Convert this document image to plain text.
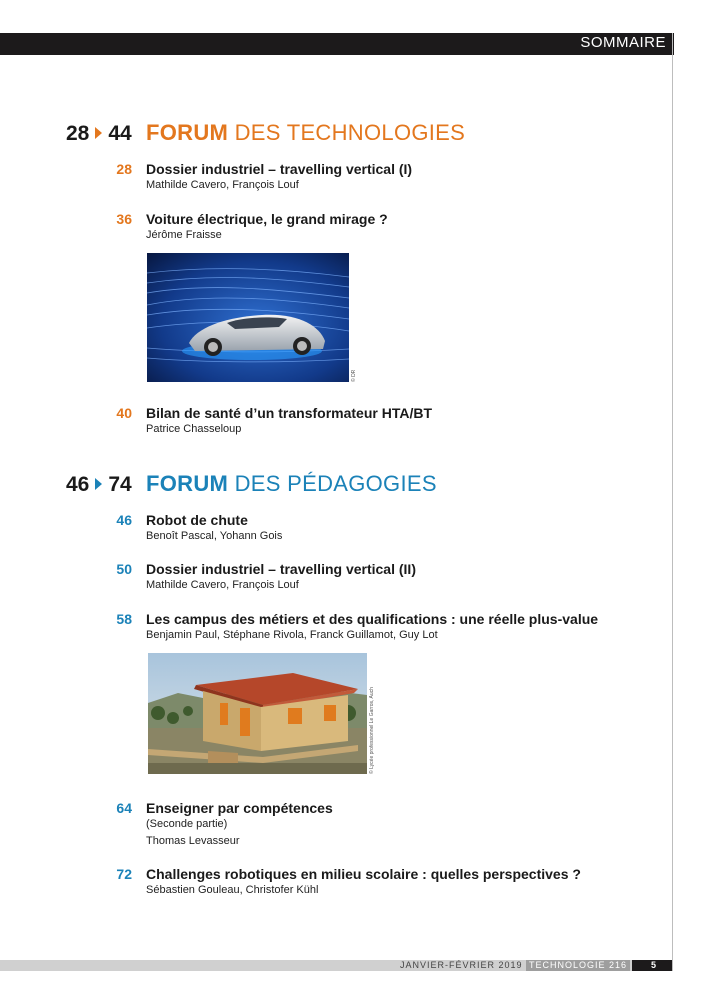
SOMMAIRE
28 44 FORUM DES TECHNOLOGIES
28 Dossier industriel – travelling vertical (I)
Mathilde Cavero, François Louf
36 Voiture électrique, le grand mirage ?
Jérôme Fraisse
© DR
40 Bilan de santé d’un transformateur HTA/BT
Patrice Chasseloup
46 74 FORUM DES PÉDAGOGIES
46 Robot de chute
Benoît Pascal, Yohann Gois
50 Dossier industriel – travelling vertical (II)
Mathilde Cavero, François Louf
58 Les campus des métiers et des qualifications : une réelle plus-value
Benjamin Paul, Stéphane Rivola, Franck Guillamot, Guy Lot
© Lycée professionnel Le Garros, Auch
64 Enseigner par compétences
(Seconde partie)
Thomas Levasseur
72 Challenges robotiques en milieu scolaire : quelles perspectives ?
Sébastien Gouleau, Christofer Kühl
JANVIER-FÉVRIER 2019 TECHNOLOGIE 216	5
